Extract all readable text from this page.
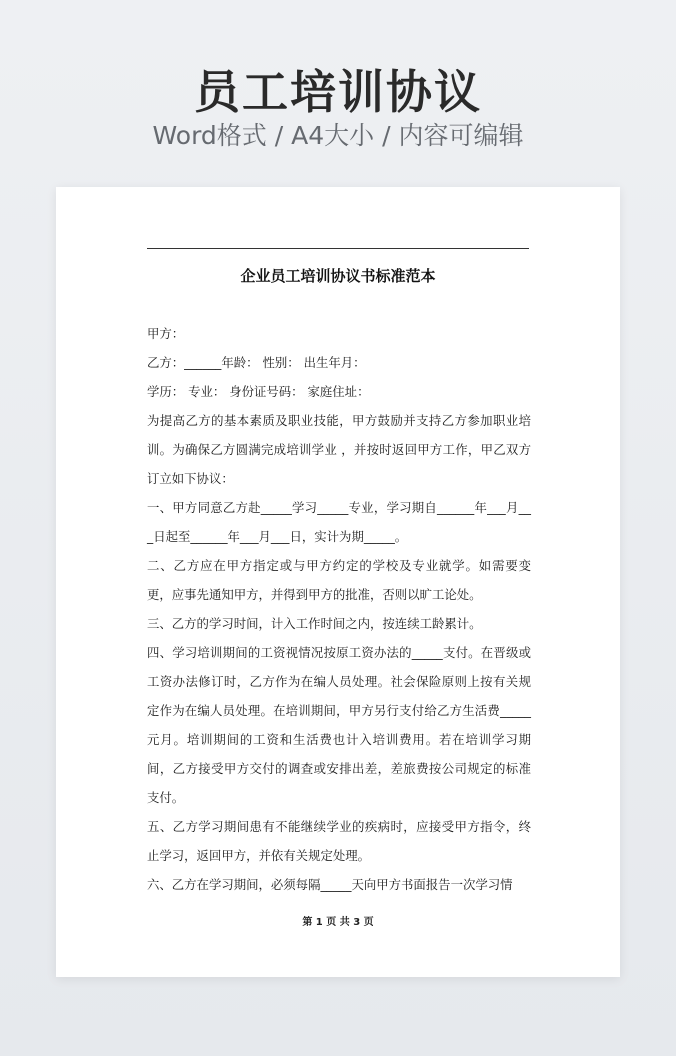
员工培训协议
Word格式 / A4大小 / 内容可编辑
企业员工培训协议书标准范本

甲方：

乙方：______年龄： 性别： 出生年月：

学历： 专业： 身份证号码： 家庭住址：

为提高乙方的基本素质及职业技能，甲方鼓励并支持乙方参加职业培训。为确保乙方圆满完成培训学业 ，并按时返回甲方工作，甲乙双方订立如下协议：

一、甲方同意乙方赴_____学习_____专业，学习期自______年___月___日起至______年___月___日，实计为期_____。

二、乙方应在甲方指定或与甲方约定的学校及专业就学。如需要变更，应事先通知甲方，并得到甲方的批准，否则以旷工论处。

三、乙方的学习时间，计入工作时间之内，按连续工龄累计。

四、学习培训期间的工资视情况按原工资办法的_____支付。在晋级或工资办法修订时，乙方作为在编人员处理。社会保险原则上按有关规定作为在编人员处理。在培训期间，甲方另行支付给乙方生活费_____元月。培训期间的工资和生活费也计入培训费用。若在培训学习期间，乙方接受甲方交付的调查或安排出差，差旅费按公司规定的标准支付。

五、乙方学习期间患有不能继续学业的疾病时，应接受甲方指令，终止学习，返回甲方，并依有关规定处理。

六、乙方在学习期间，必须每隔_____天向甲方书面报告一次学习情

第 1 页 共 3 页
